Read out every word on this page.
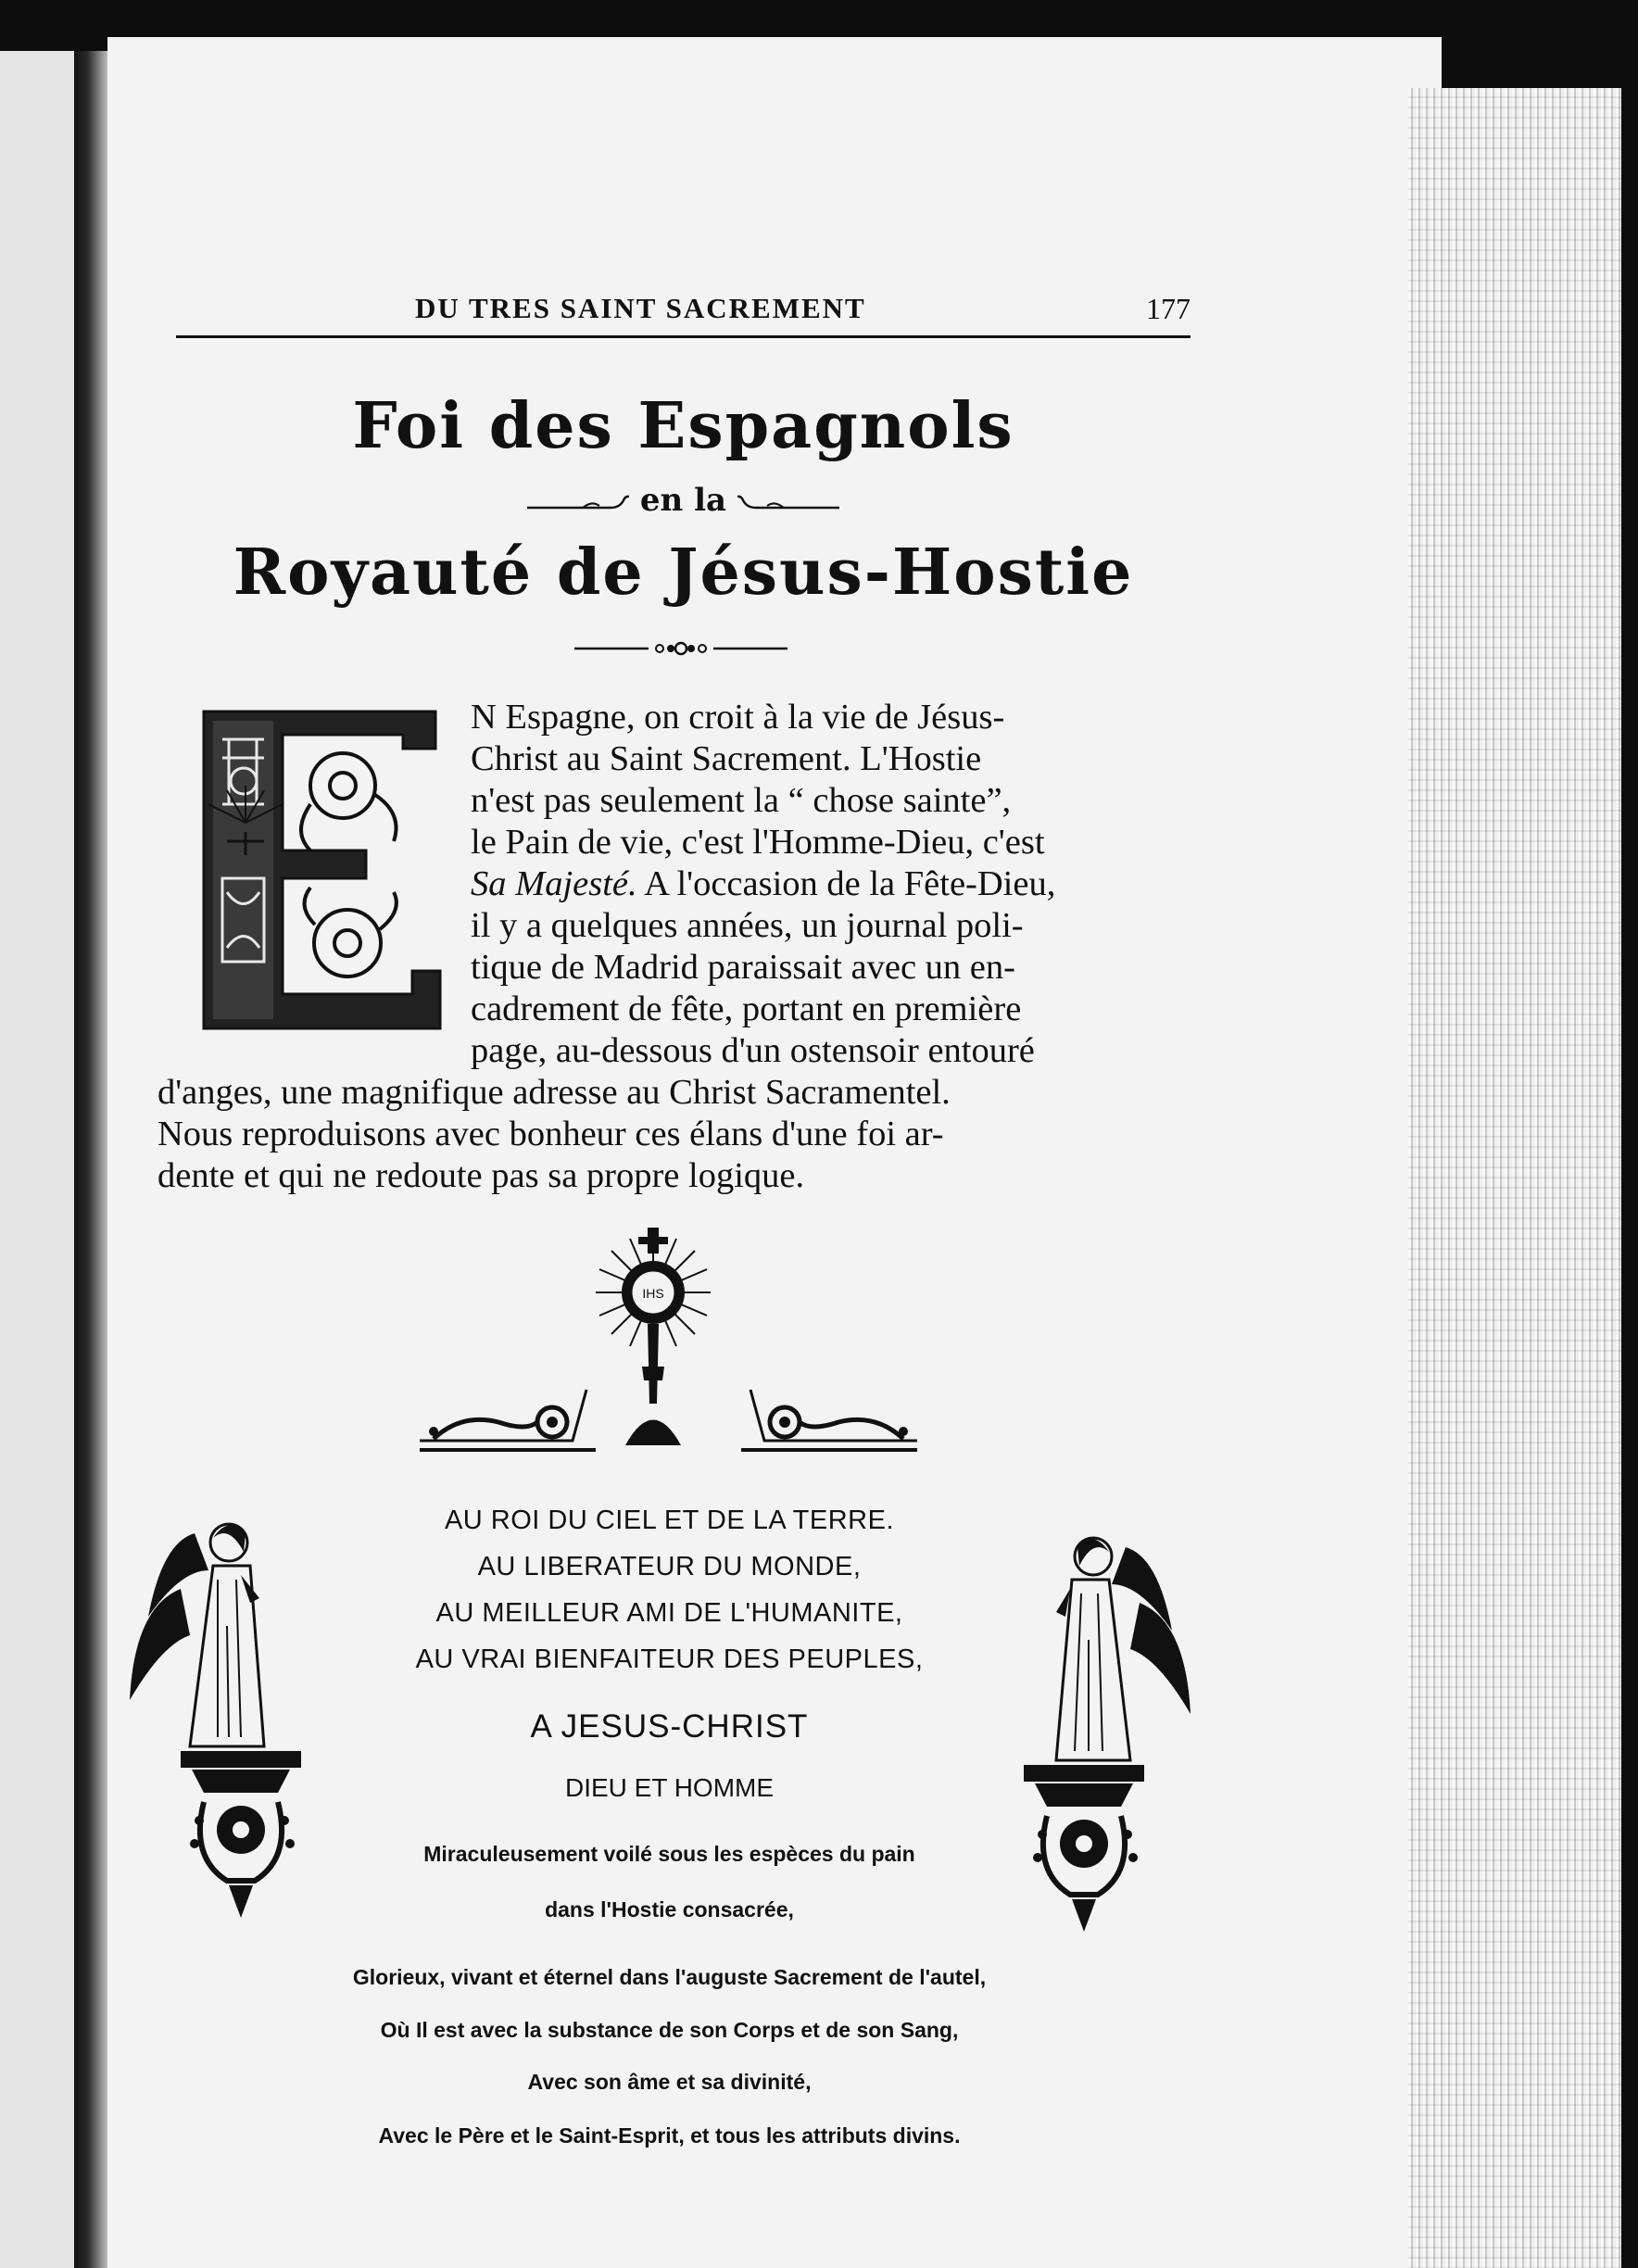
DU TRES SAINT SACREMENT	177
Foi des Espagnols
en la
Royauté de Jésus-Hostie
N Espagne, on croit à la vie de Jésus-
Christ au Saint Sacrement. L'Hostie
n'est pas seulement la “ chose sainte”,
le Pain de vie, c'est l'Homme-Dieu, c'est
Sa Majesté. A l'occasion de la Fête-Dieu,
il y a quelques années, un journal poli-
tique de Madrid paraissait avec un en-
cadrement de fête, portant en première
page, au-dessous d'un ostensoir entouré
d'anges, une magnifique adresse au Christ Sacramentel.
Nous reproduisons avec bonheur ces élans d'une foi ar-
dente et qui ne redoute pas sa propre logique.
IHS
AU ROI DU CIEL ET DE LA TERRE.
AU LIBERATEUR DU MONDE,
AU MEILLEUR AMI DE L'HUMANITE,
AU VRAI BIENFAITEUR DES PEUPLES,
A JESUS-CHRIST
DIEU ET HOMME
Miraculeusement voilé sous les espèces du pain
dans l'Hostie consacrée,
Glorieux, vivant et éternel dans l'auguste Sacrement de l'autel,
Où Il est avec la substance de son Corps et de son Sang,
Avec son âme et sa divinité,
Avec le Père et le Saint-Esprit, et tous les attributs divins.
